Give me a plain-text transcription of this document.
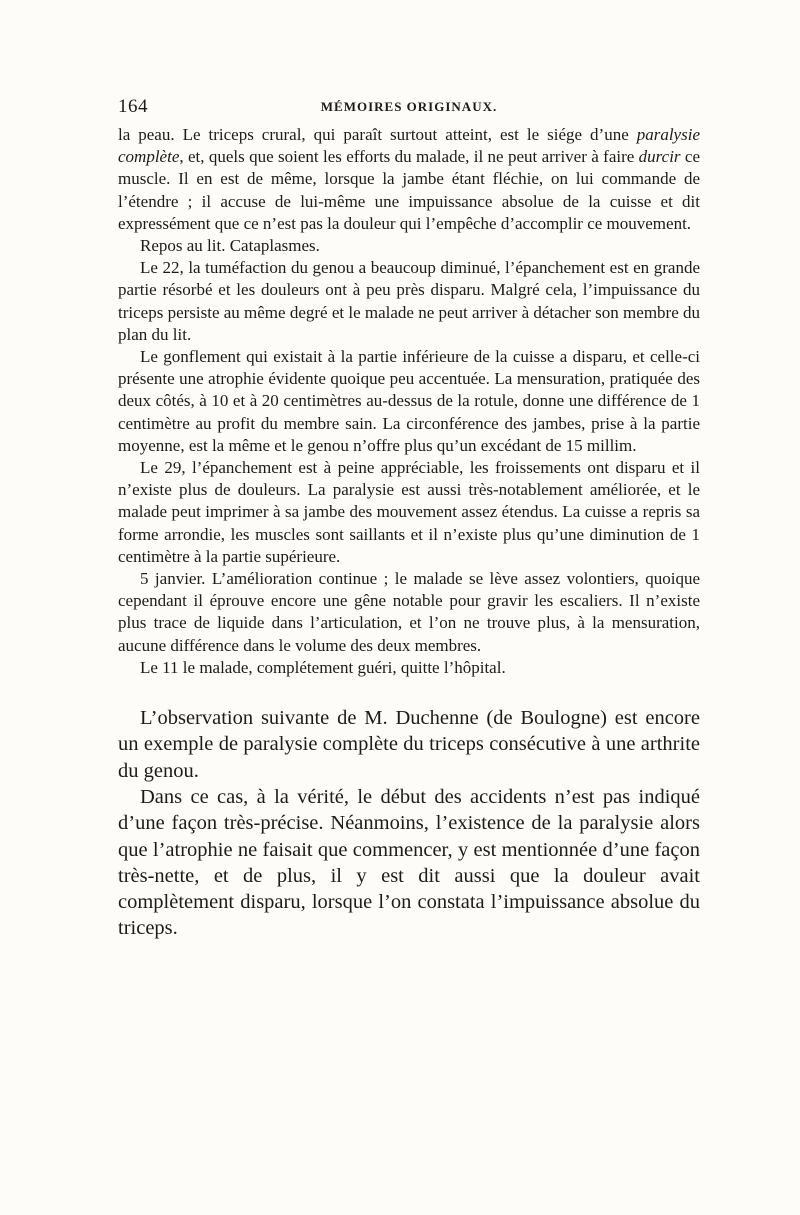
164	MÉMOIRES ORIGINAUX.

la peau. Le triceps crural, qui paraît surtout atteint, est le siége d’une paralysie complète, et, quels que soient les efforts du malade, il ne peut arriver à faire durcir ce muscle. Il en est de même, lorsque la jambe étant fléchie, on lui commande de l’étendre ; il accuse de lui-même une impuissance absolue de la cuisse et dit expressément que ce n’est pas la douleur qui l’empêche d’accomplir ce mouvement.

Repos au lit. Cataplasmes.

Le 22, la tuméfaction du genou a beaucoup diminué, l’épanchement est en grande partie résorbé et les douleurs ont à peu près disparu. Malgré cela, l’impuissance du triceps persiste au même degré et le malade ne peut arriver à détacher son membre du plan du lit.

Le gonflement qui existait à la partie inférieure de la cuisse a disparu, et celle-ci présente une atrophie évidente quoique peu accentuée. La mensuration, pratiquée des deux côtés, à 10 et à 20 centimètres au-dessus de la rotule, donne une différence de 1 centimètre au profit du membre sain. La circonférence des jambes, prise à la partie moyenne, est la même et le genou n’offre plus qu’un excédant de 15 millim.

Le 29, l’épanchement est à peine appréciable, les froissements ont disparu et il n’existe plus de douleurs. La paralysie est aussi très-notablement améliorée, et le malade peut imprimer à sa jambe des mouvement assez étendus. La cuisse a repris sa forme arrondie, les muscles sont saillants et il n’existe plus qu’une diminution de 1 centimètre à la partie supérieure.

5 janvier. L’amélioration continue ; le malade se lève assez volontiers, quoique cependant il éprouve encore une gêne notable pour gravir les escaliers. Il n’existe plus trace de liquide dans l’articulation, et l’on ne trouve plus, à la mensuration, aucune différence dans le volume des deux membres.

Le 11 le malade, complétement guéri, quitte l’hôpital.

L’observation suivante de M. Duchenne (de Boulogne) est encore un exemple de paralysie complète du triceps consécutive à une arthrite du genou.

Dans ce cas, à la vérité, le début des accidents n’est pas indiqué d’une façon très-précise. Néanmoins, l’existence de la paralysie alors que l’atrophie ne faisait que commencer, y est mentionnée d’une façon très-nette, et de plus, il y est dit aussi que la douleur avait complètement disparu, lorsque l’on constata l’impuissance absolue du triceps.
